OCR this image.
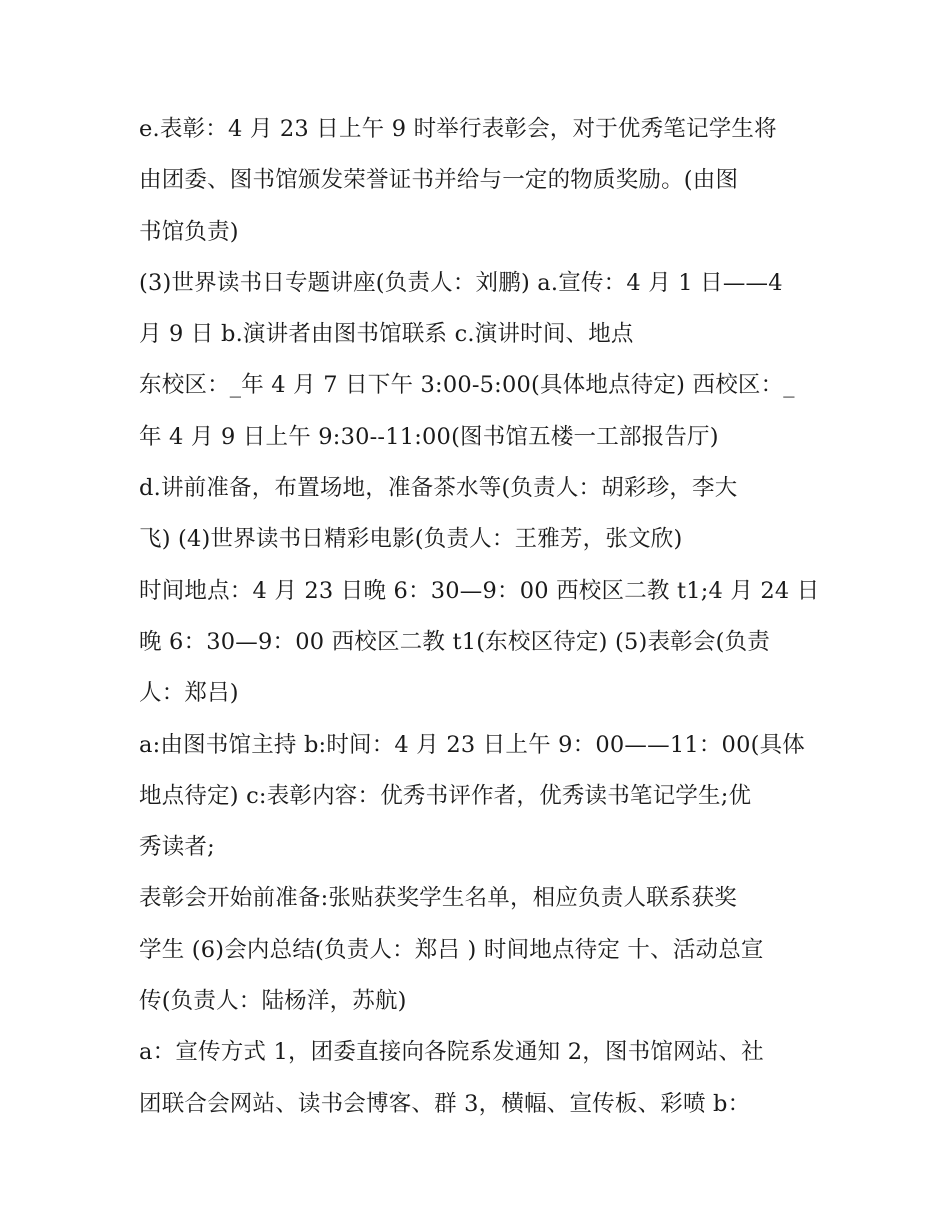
e.表彰：4 月 23 日上午 9 时举行表彰会，对于优秀笔记学生将
由团委、图书馆颁发荣誉证书并给与一定的物质奖励。(由图
书馆负责)
(3)世界读书日专题讲座(负责人：刘鹏) a.宣传：4 月 1 日——4
月 9 日 b.演讲者由图书馆联系 c.演讲时间、地点
东校区：_年 4 月 7 日下午 3:00-5:00(具体地点待定) 西校区：_
年 4 月 9 日上午 9:30--11:00(图书馆五楼一工部报告厅)
d.讲前准备，布置场地，准备茶水等(负责人：胡彩珍，李大
飞) (4)世界读书日精彩电影(负责人：王雅芳，张文欣)
时间地点：4 月 23 日晚 6：30—9：00 西校区二教 t1;4 月 24 日
晚 6：30—9：00 西校区二教 t1(东校区待定) (5)表彰会(负责
人：郑吕)
a:由图书馆主持 b:时间：4 月 23 日上午 9：00——11：00(具体
地点待定) c:表彰内容：优秀书评作者，优秀读书笔记学生;优
秀读者;
表彰会开始前准备:张贴获奖学生名单，相应负责人联系获奖
学生 (6)会内总结(负责人：郑吕 ) 时间地点待定 十、活动总宣
传(负责人：陆杨洋，苏航)
a：宣传方式 1，团委直接向各院系发通知 2，图书馆网站、社
团联合会网站、读书会博客、群 3，横幅、宣传板、彩喷 b：
